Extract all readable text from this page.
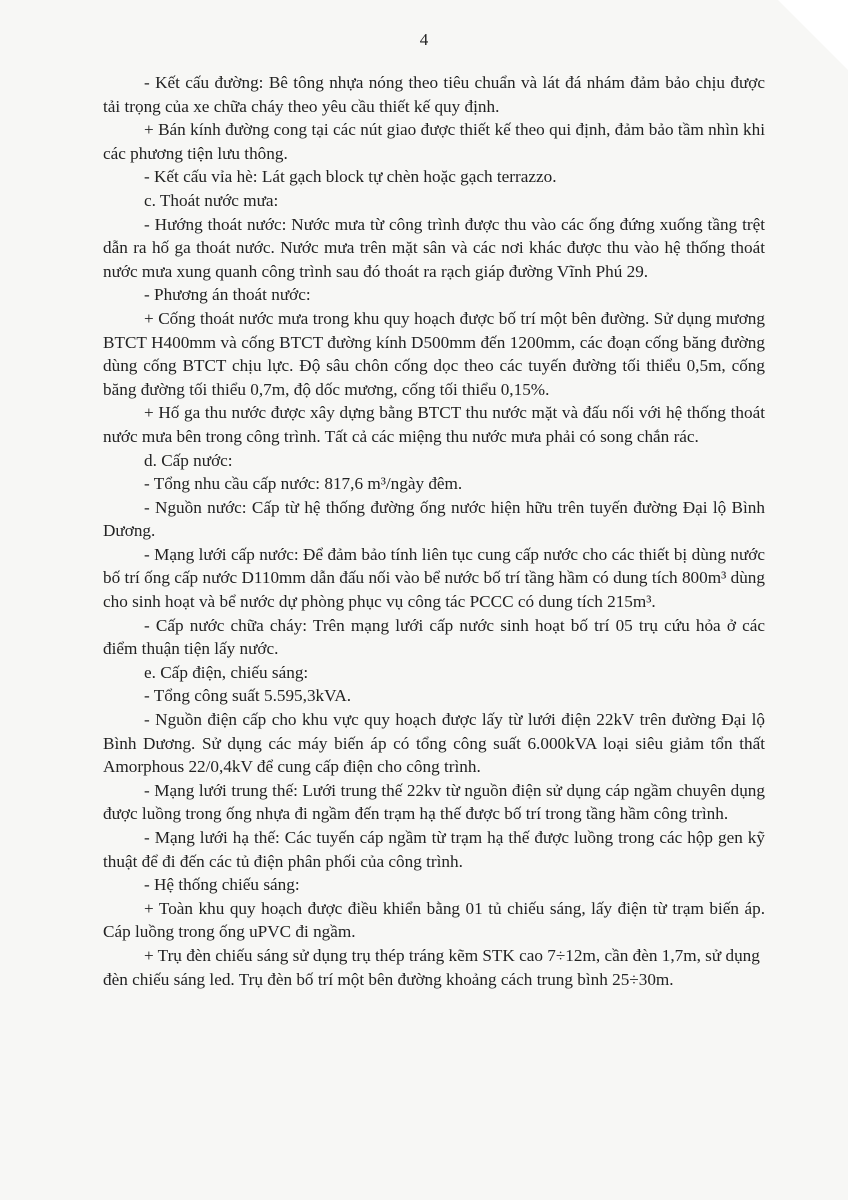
4

- Kết cấu đường: Bê tông nhựa nóng theo tiêu chuẩn và lát đá nhám đảm bảo chịu được tải trọng của xe chữa cháy theo yêu cầu thiết kế quy định.

+ Bán kính đường cong tại các nút giao được thiết kế theo qui định, đảm bảo tầm nhìn khi các phương tiện lưu thông.

- Kết cấu vỉa hè: Lát gạch block tự chèn hoặc gạch terrazzo.

c. Thoát nước mưa:

- Hướng thoát nước: Nước mưa từ công trình được thu vào các ống đứng xuống tầng trệt dẫn ra hố ga thoát nước. Nước mưa trên mặt sân và các nơi khác được thu vào hệ thống thoát nước mưa xung quanh công trình sau đó thoát ra rạch giáp đường Vĩnh Phú 29.

- Phương án thoát nước:

+ Cống thoát nước mưa trong khu quy hoạch được bố trí một bên đường. Sử dụng mương BTCT H400mm và cống BTCT đường kính D500mm đến 1200mm, các đoạn cống băng đường dùng cống BTCT chịu lực. Độ sâu chôn cống dọc theo các tuyến đường tối thiểu 0,5m, cống băng đường tối thiểu 0,7m, độ dốc mương, cống tối thiểu 0,15%.

+ Hố ga thu nước được xây dựng bằng BTCT thu nước mặt và đấu nối với hệ thống thoát nước mưa bên trong công trình. Tất cả các miệng thu nước mưa phải có song chắn rác.

d. Cấp nước:

- Tổng nhu cầu cấp nước: 817,6 m³/ngày đêm.

- Nguồn nước: Cấp từ hệ thống đường ống nước hiện hữu trên tuyến đường Đại lộ Bình Dương.

- Mạng lưới cấp nước: Để đảm bảo tính liên tục cung cấp nước cho các thiết bị dùng nước bố trí ống cấp nước D110mm dẫn đấu nối vào bể nước bố trí tầng hầm có dung tích 800m³ dùng cho sinh hoạt và bể nước dự phòng phục vụ công tác PCCC có dung tích 215m³.

- Cấp nước chữa cháy: Trên mạng lưới cấp nước sinh hoạt bố trí 05 trụ cứu hỏa ở các điểm thuận tiện lấy nước.

e. Cấp điện, chiếu sáng:

- Tổng công suất 5.595,3kVA.

- Nguồn điện cấp cho khu vực quy hoạch được lấy từ lưới điện 22kV trên đường Đại lộ Bình Dương. Sử dụng các máy biến áp có tổng công suất 6.000kVA loại siêu giảm tổn thất Amorphous 22/0,4kV để cung cấp điện cho công trình.

- Mạng lưới trung thế: Lưới trung thế 22kv từ nguồn điện sử dụng cáp ngầm chuyên dụng được luồng trong ống nhựa đi ngầm đến trạm hạ thế được bố trí trong tầng hầm công trình.

- Mạng lưới hạ thế: Các tuyến cáp ngầm từ trạm hạ thế được luồng trong các hộp gen kỹ thuật để đi đến các tủ điện phân phối của công trình.

- Hệ thống chiếu sáng:

+ Toàn khu quy hoạch được điều khiển bằng 01 tủ chiếu sáng, lấy điện từ trạm biến áp. Cáp luồng trong ống uPVC đi ngầm.

+ Trụ đèn chiếu sáng sử dụng trụ thép tráng kẽm STK cao 7÷12m, cần đèn 1,7m, sử dụng đèn chiếu sáng led. Trụ đèn bố trí một bên đường khoảng cách trung bình 25÷30m.
